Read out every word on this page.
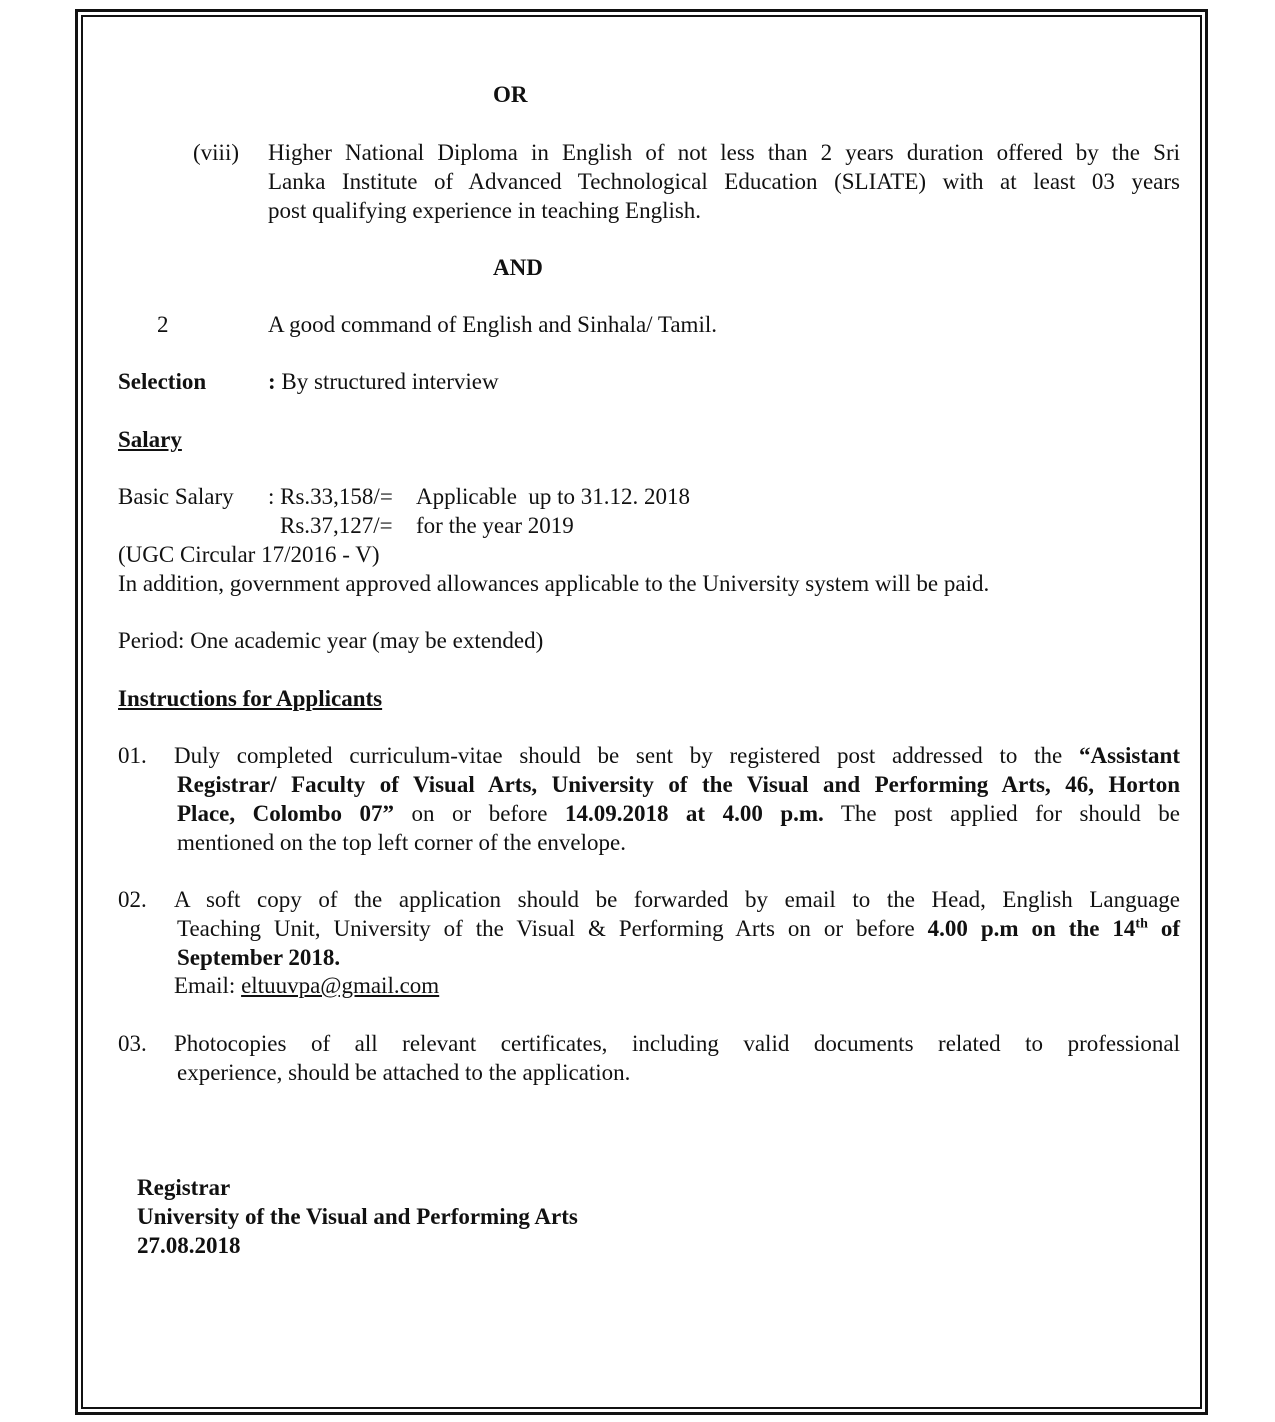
OR
(viii) Higher National Diploma in English of not less than 2 years duration offered by the Sri
Lanka Institute of Advanced Technological Education (SLIATE) with at least 03 years
post qualifying experience in teaching English.
AND
2	A good command of English and Sinhala/ Tamil.
Selection	: By structured interview
Salary
Basic Salary : Rs.33,158/= Applicable  up to 31.12. 2018
Rs.37,127/= for the year 2019
(UGC Circular 17/2016 - V)
In addition, government approved allowances applicable to the University system will be paid.
Period: One academic year (may be extended)
Instructions for Applicants
01. Duly completed curriculum-vitae should be sent by registered post addressed to the “Assistant
Registrar/ Faculty of Visual Arts, University of the Visual and Performing Arts, 46, Horton
Place, Colombo 07” on or before 14.09.2018 at 4.00 p.m. The post applied for should be
mentioned on the top left corner of the envelope.
02. A soft copy of the application should be forwarded by email to the Head, English Language
Teaching Unit, University of the Visual & Performing Arts on or before 4.00 p.m on the 14th of
September 2018.
Email: eltuuvpa@gmail.com
03. Photocopies of all relevant certificates, including valid documents related to professional
experience, should be attached to the application.
Registrar
University of the Visual and Performing Arts
27.08.2018
